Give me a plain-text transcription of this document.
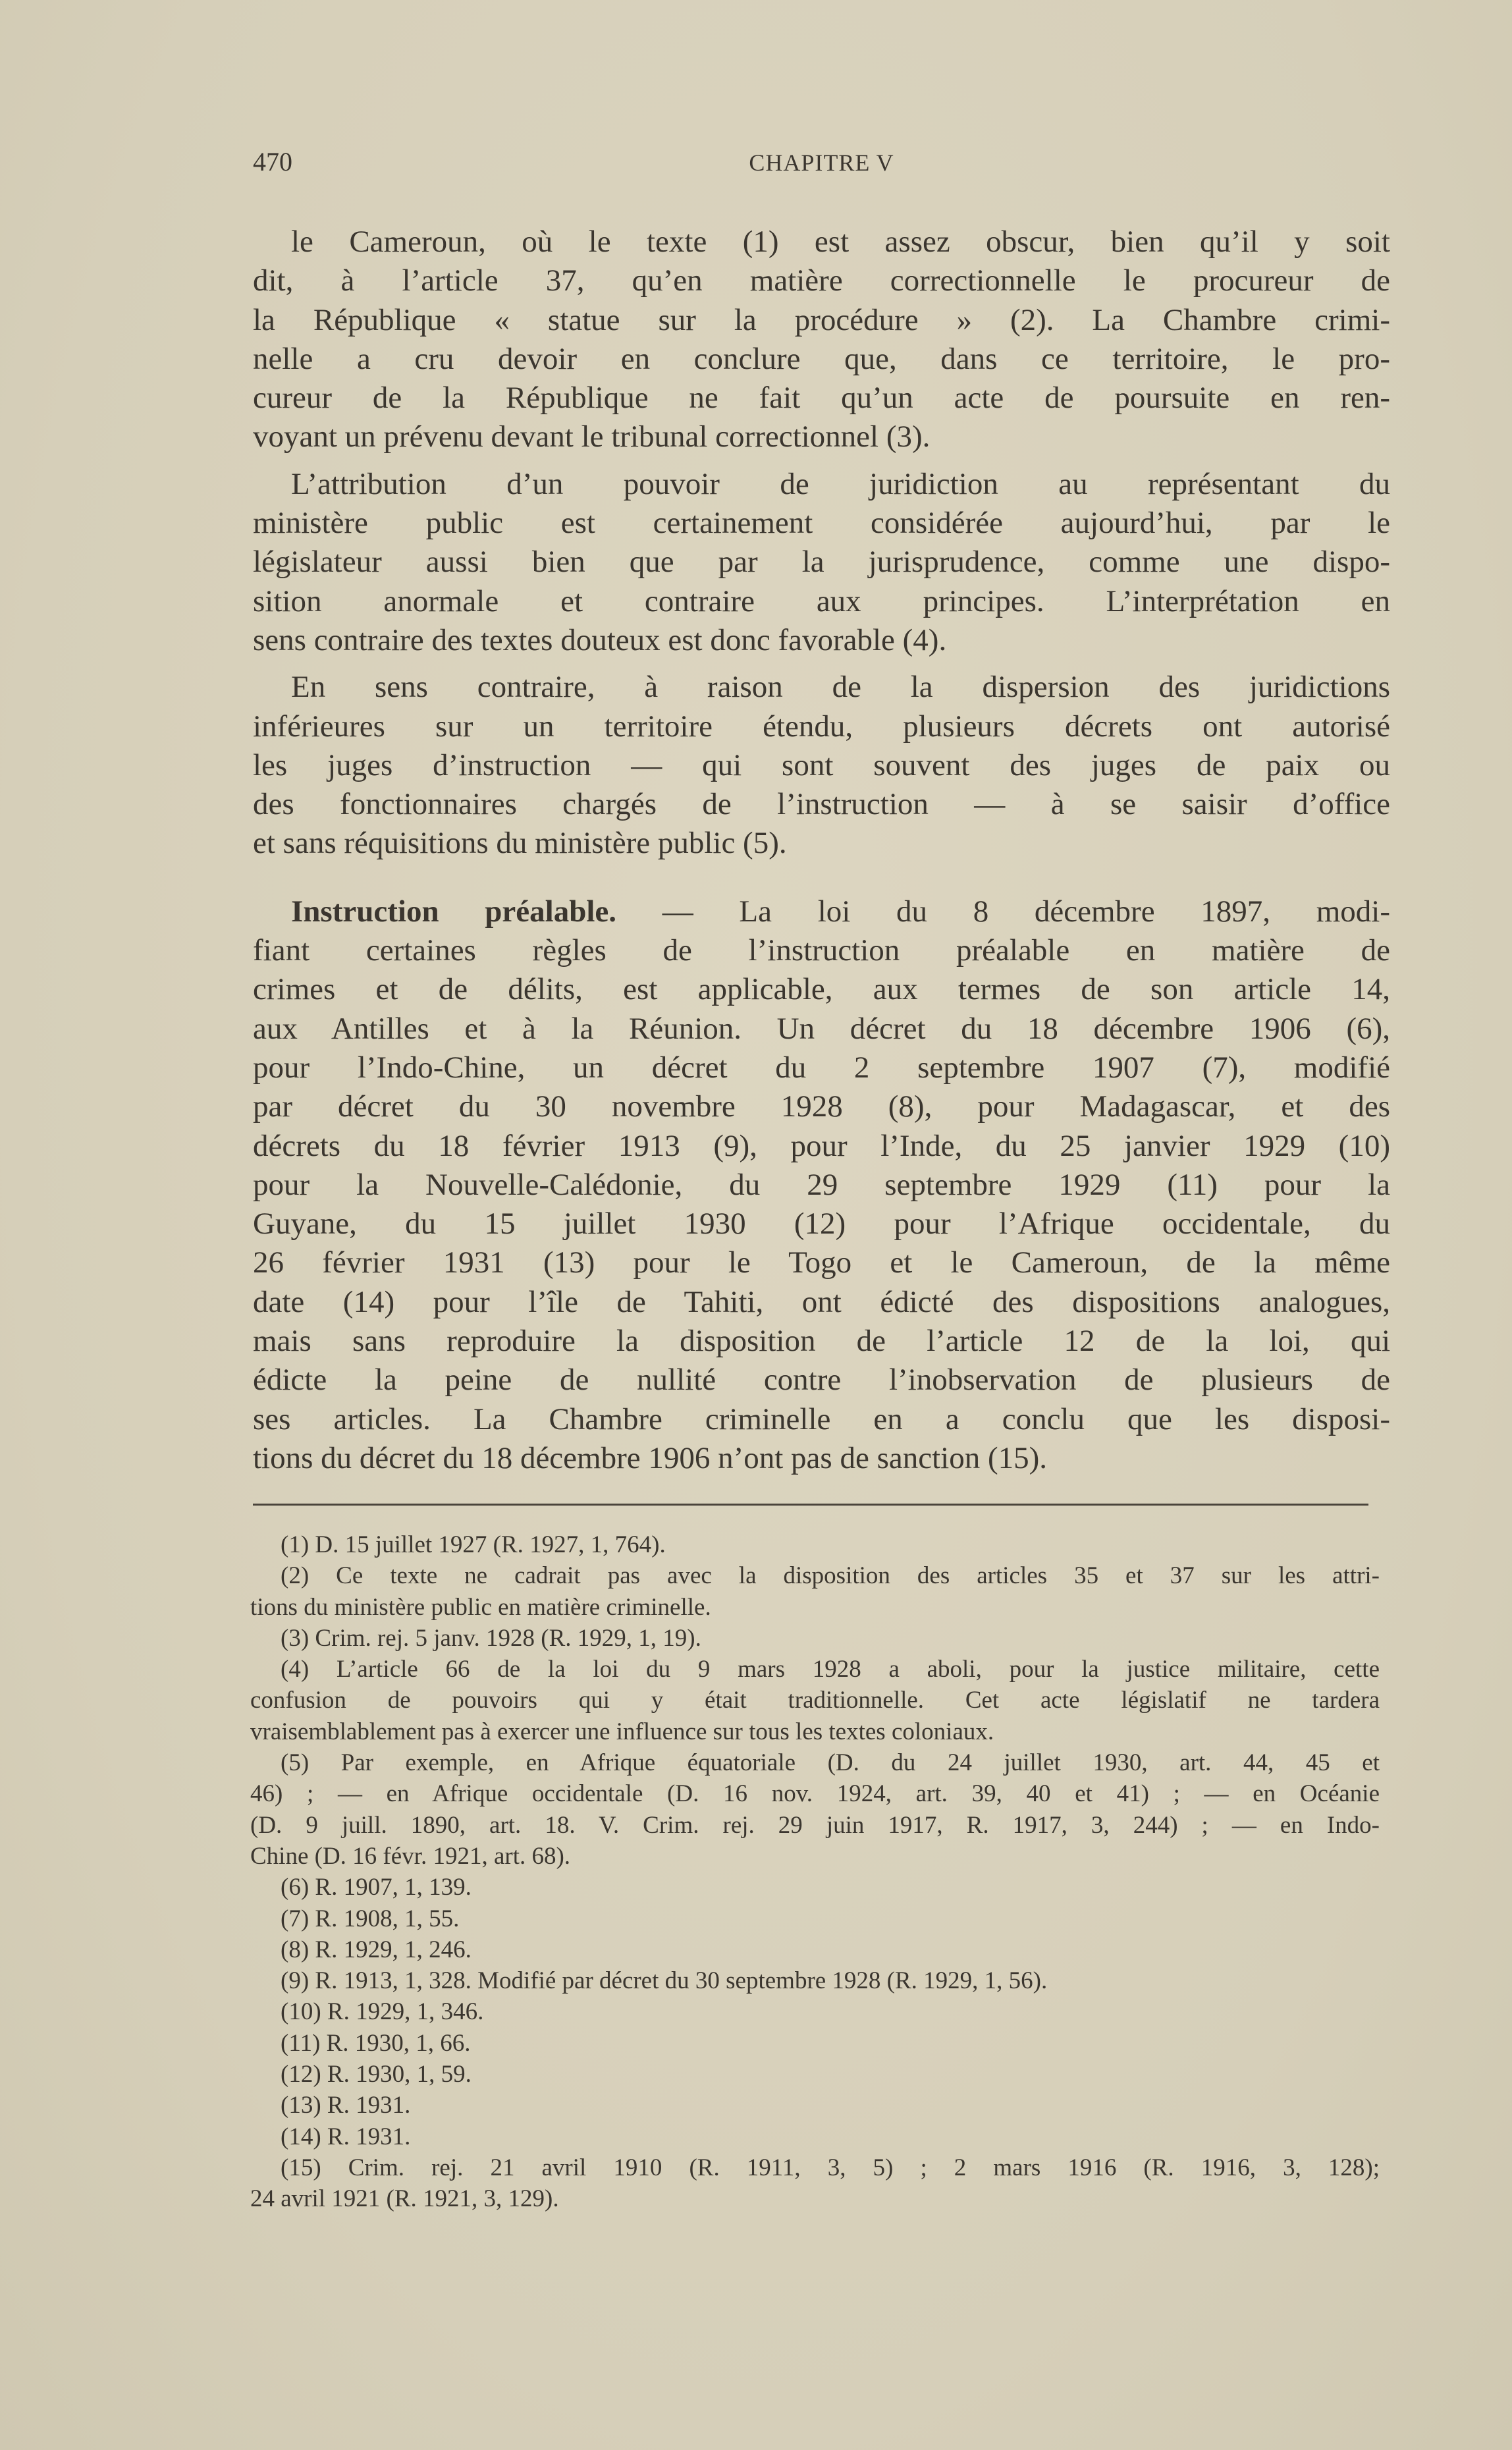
470	CHAPITRE V
le Cameroun, où le texte (1) est assez obscur, bien qu’il y soit
dit, à l’article 37, qu’en matière correctionnelle le procureur de
la République « statue sur la procédure » (2). La Chambre crimi-
nelle a cru devoir en conclure que, dans ce territoire, le pro-
cureur de la République ne fait qu’un acte de poursuite en ren-
voyant un prévenu devant le tribunal correctionnel (3).
L’attribution d’un pouvoir de juridiction au représentant du
ministère public est certainement considérée aujourd’hui, par le
législateur aussi bien que par la jurisprudence, comme une dispo-
sition anormale et contraire aux principes. L’interprétation en
sens contraire des textes douteux est donc favorable (4).
En sens contraire, à raison de la dispersion des juridictions
inférieures sur un territoire étendu, plusieurs décrets ont autorisé
les juges d’instruction — qui sont souvent des juges de paix ou
des fonctionnaires chargés de l’instruction — à se saisir d’office
et sans réquisitions du ministère public (5).
Instruction préalable. — La loi du 8 décembre 1897, modi-
fiant certaines règles de l’instruction préalable en matière de
crimes et de délits, est applicable, aux termes de son article 14,
aux Antilles et à la Réunion. Un décret du 18 décembre 1906 (6),
pour l’Indo-Chine, un décret du 2 septembre 1907 (7), modifié
par décret du 30 novembre 1928 (8), pour Madagascar, et des
décrets du 18 février 1913 (9), pour l’Inde, du 25 janvier 1929 (10)
pour la Nouvelle-Calédonie, du 29 septembre 1929 (11) pour la
Guyane, du 15 juillet 1930 (12) pour l’Afrique occidentale, du
26 février 1931 (13) pour le Togo et le Cameroun, de la même
date (14) pour l’île de Tahiti, ont édicté des dispositions analogues,
mais sans reproduire la disposition de l’article 12 de la loi, qui
édicte la peine de nullité contre l’inobservation de plusieurs de
ses articles. La Chambre criminelle en a conclu que les disposi-
tions du décret du 18 décembre 1906 n’ont pas de sanction (15).
(1) D. 15 juillet 1927 (R. 1927, 1, 764).
(2) Ce texte ne cadrait pas avec la disposition des articles 35 et 37 sur les attri-
tions du ministère public en matière criminelle.
(3) Crim. rej. 5 janv. 1928 (R. 1929, 1, 19).
(4) L’article 66 de la loi du 9 mars 1928 a aboli, pour la justice militaire, cette
confusion de pouvoirs qui y était traditionnelle. Cet acte législatif ne tardera
vraisemblablement pas à exercer une influence sur tous les textes coloniaux.
(5) Par exemple, en Afrique équatoriale (D. du 24 juillet 1930, art. 44, 45 et
46) ; — en Afrique occidentale (D. 16 nov. 1924, art. 39, 40 et 41) ; — en Océanie
(D. 9 juill. 1890, art. 18. V. Crim. rej. 29 juin 1917, R. 1917, 3, 244) ; — en Indo-
Chine (D. 16 févr. 1921, art. 68).
(6) R. 1907, 1, 139.
(7) R. 1908, 1, 55.
(8) R. 1929, 1, 246.
(9) R. 1913, 1, 328. Modifié par décret du 30 septembre 1928 (R. 1929, 1, 56).
(10) R. 1929, 1, 346.
(11) R. 1930, 1, 66.
(12) R. 1930, 1, 59.
(13) R. 1931.
(14) R. 1931.
(15) Crim. rej. 21 avril 1910 (R. 1911, 3, 5) ; 2 mars 1916 (R. 1916, 3, 128);
24 avril 1921 (R. 1921, 3, 129).
